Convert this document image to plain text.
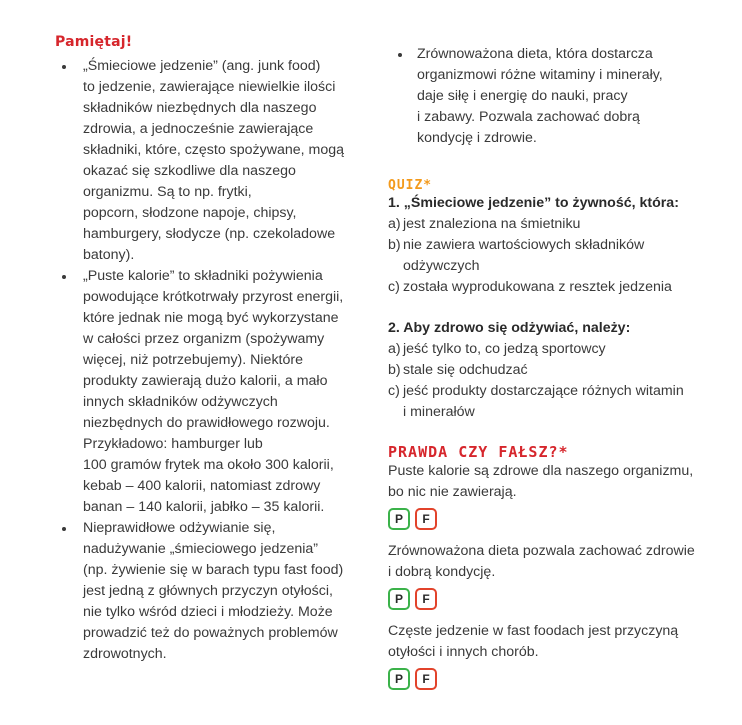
Pamiętaj!
„Śmieciowe jedzenie” (ang. junk food)
to jedzenie, zawierające niewielkie ilości
składników niezbędnych dla naszego
zdrowia, a jednocześnie zawierające
składniki, które, często spożywane, mogą
okazać się szkodliwe dla naszego
organizmu. Są to np. frytki,
popcorn, słodzone napoje, chipsy,
hamburgery, słodycze (np. czekoladowe
batony).
„Puste kalorie” to składniki pożywienia
powodujące krótkotrwały przyrost energii,
które jednak nie mogą być wykorzystane
w całości przez organizm (spożywamy
więcej, niż potrzebujemy). Niektóre
produkty zawierają dużo kalorii, a mało
innych składników odżywczych
niezbędnych do prawidłowego rozwoju.
Przykładowo: hamburger lub
100 gramów frytek ma około 300 kalorii,
kebab – 400 kalorii, natomiast zdrowy
banan – 140 kalorii, jabłko – 35 kalorii.
Nieprawidłowe odżywianie się,
nadużywanie „śmieciowego jedzenia”
(np. żywienie się w barach typu fast food)
jest jedną z głównych przyczyn otyłości,
nie tylko wśród dzieci i młodzieży. Może
prowadzić też do poważnych problemów
zdrowotnych.
Zrównoważona dieta, która dostarcza
organizmowi różne witaminy i minerały,
daje siłę i energię do nauki, pracy
i zabawy. Pozwala zachować dobrą
kondycję i zdrowie.
QUIZ*
1. „Śmieciowe jedzenie” to żywność, która:
a) jest znaleziona na śmietniku
b) nie zawiera wartościowych składników
odżywczych
c) została wyprodukowana z resztek jedzenia
2. Aby zdrowo się odżywiać, należy:
a) jeść tylko to, co jedzą sportowcy
b) stale się odchudzać
c) jeść produkty dostarczające różnych witamin
i minerałów
PRAWDA CZY FAŁSZ?*
Puste kalorie są zdrowe dla naszego organizmu,
bo nic nie zawierają.
P	F
Zrównoważona dieta pozwala zachować zdrowie
i dobrą kondycję.
P	F
Częste jedzenie w fast foodach jest przyczyną
otyłości i innych chorób.
P	F
